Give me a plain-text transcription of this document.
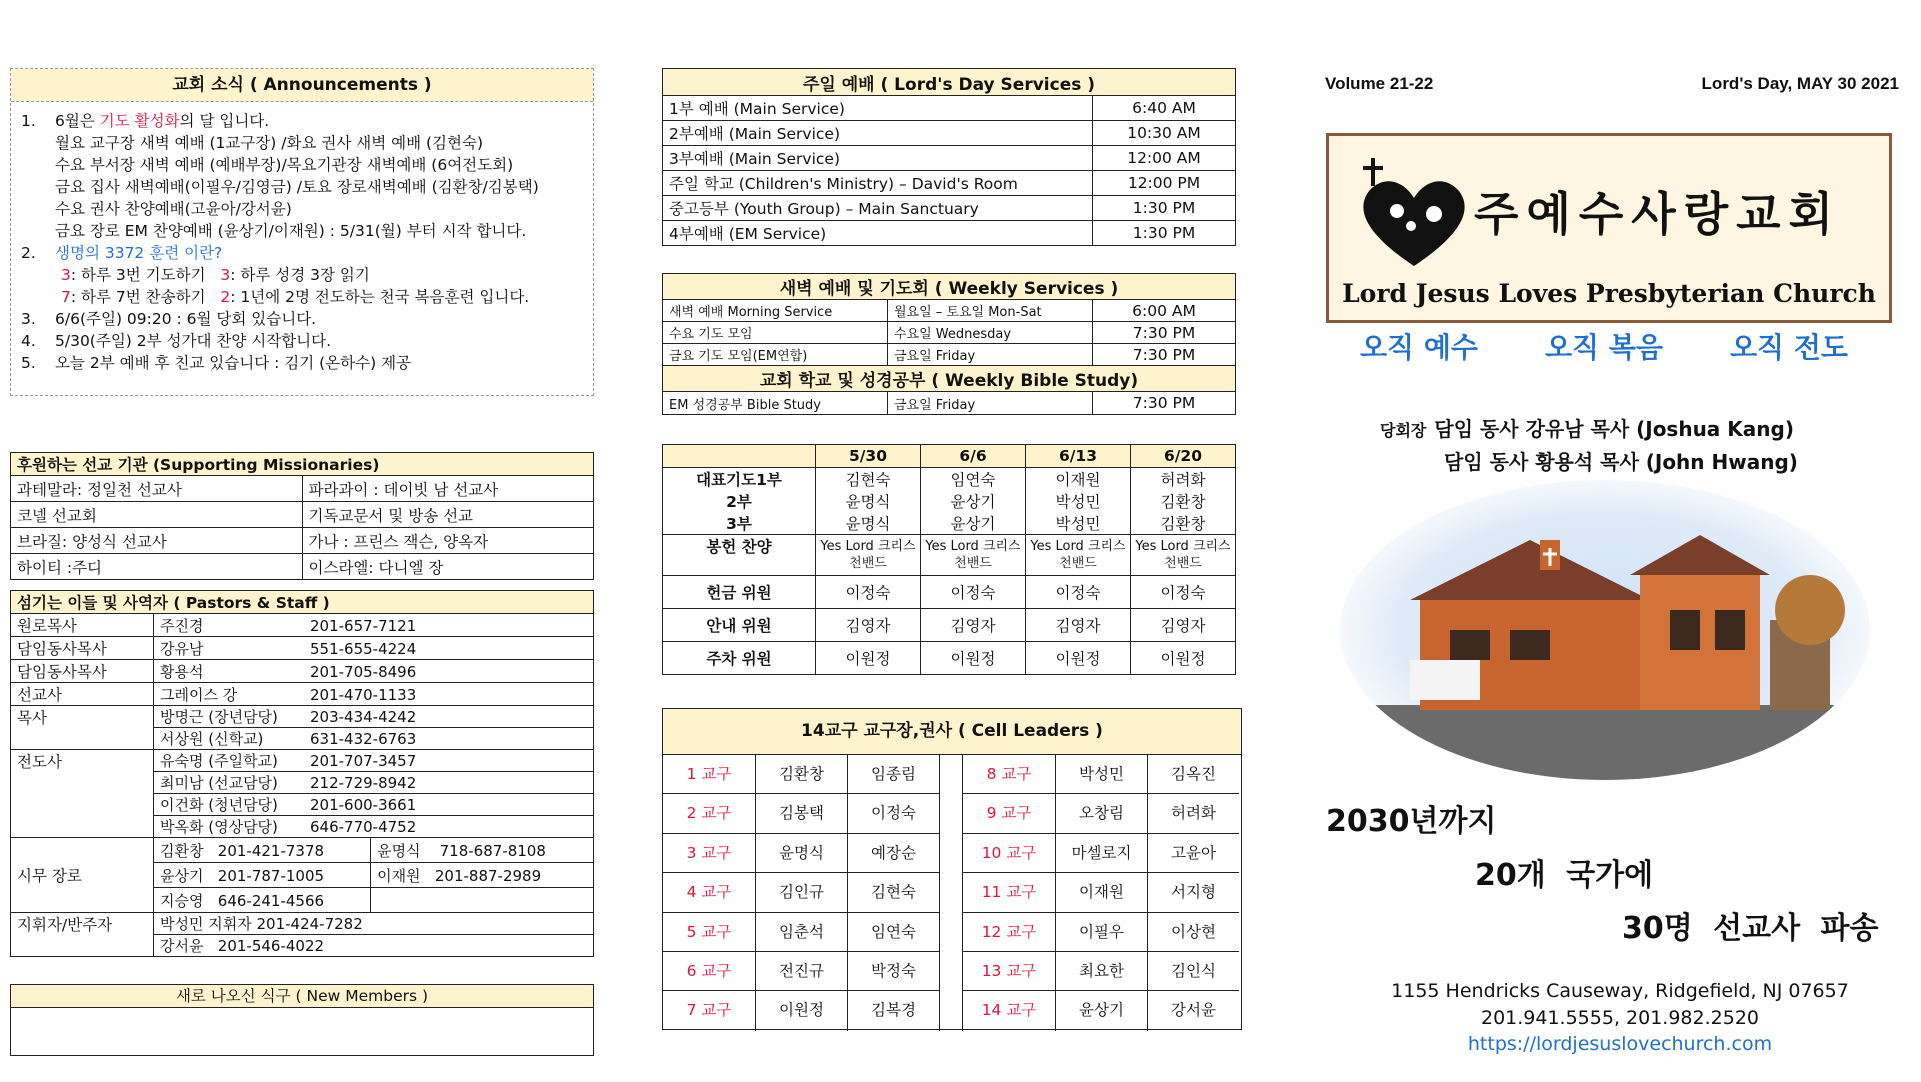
교회 소식 ( Announcements )

1. 6월은 기도 활성화의 달 입니다.

월요 교구장 새벽 예배 (1교구장) /화요 권사 새벽 예배 (김현숙)

수요 부서장 새벽 예배 (예배부장)/목요기관장 새벽예배 (6여전도회)

금요 집사 새벽예배(이필우/김영금) /토요 장로새벽예배 (김환창/김봉택)

수요 권사 찬양예배(고윤아/강서윤)

금요 장로 EM 찬양예배 (윤상기/이재원) : 5/31(월) 부터 시작 합니다.

2. 생명의 3372 훈련 이란?

3: 하루 3번 기도하기   3: 하루 성경 3장 읽기

7: 하루 7번 찬송하기   2: 1년에 2명 전도하는 천국 복음훈련 입니다.

3. 6/6(주일) 09:20 : 6월 당회 있습니다.

4. 5/30(주일) 2부 성가대 찬양 시작합니다.

5. 오늘 2부 예배 후 친교 있습니다 : 김기 (온하수) 제공

후원하는 선교 기관 (Supporting Missionaries)	
과테말라: 정일천 선교사	파라과이 : 데이빗 남 선교사
코넬 선교회	기독교문서 및 방송 선교
브라질: 양성식 선교사	가나 : 프린스 잭슨, 양옥자
하이티 :주디	이스라엘: 다니엘 장
섬기는 이들 및 사역자 ( Pastors & Staff )		
원로목사	주진경 201-657-7121	
담임동사목사	강유남 551-655-4224	
담임동사목사	황용석 201-705-8496	
선교사	그레이스 강 201-470-1133	
목사	방명근 (장년담당) 203-434-4242	
	서상원 (신학교) 631-432-6763	
전도사	유숙명 (주일학교) 201-707-3457	
	최미남 (선교담당) 212-729-8942	
	이건화 (청년담당) 201-600-3661	
	박옥화 (영상담당) 646-770-4752	
시무 장로	김환창   201-421-7378	윤명식    718-687-8108
	윤상기   201-787-1005	이재원   201-887-2989
	지승영   646-241-4566	
지휘자/반주자	박성민 지휘자 201-424-7282	
	강서윤   201-546-4022	
새로 나오신 식구 ( New Members )
주일 예배 ( Lord's Day Services )	
1부 예배 (Main Service)	6:40 AM
2부예배 (Main Service)	10:30 AM
3부예배 (Main Service)	12:00 AM
주일 학교 (Children's Ministry) – David's Room	12:00 PM
중고등부 (Youth Group) – Main Sanctuary	1:30 PM
4부예배 (EM Service)	1:30 PM
새벽 예배 및 기도회 ( Weekly Services )		
새벽 예배 Morning Service	월요일 – 토요일 Mon-Sat	6:00 AM
수요 기도 모임	수요일 Wednesday	7:30 PM
금요 기도 모임(EM연합)	금요일 Friday	7:30 PM
교회 학교 및 성경공부 ( Weekly Bible Study)		
EM 성경공부 Bible Study	금요일 Friday	7:30 PM
	5/30	6/6	6/13	6/20
대표기도1부	김현숙	임연숙	이재원	허려화
2부	윤명식	윤상기	박성민	김환창
3부	윤명식	윤상기	박성민	김환창
봉헌 찬양	Yes Lord 크리스천밴드	Yes Lord 크리스천밴드	Yes Lord 크리스천밴드	Yes Lord 크리스천밴드
헌금 위원	이정숙	이정숙	이정숙	이정숙
안내 위원	김영자	김영자	김영자	김영자
주차 위원	이원정	이원정	이원정	이원정
14교구 교구장,권사 ( Cell Leaders )
1 교구	김환창	임종림
2 교구	김봉택	이정숙
3 교구	윤명식	예장순
4 교구	김인규	김현숙
5 교구	임춘석	임연숙
6 교구	전진규	박정숙
7 교구	이원정	김복경
8 교구	박성민	김옥진
9 교구	오창림	허려화
10 교구	마셀로지	고윤아
11 교구	이재원	서지형
12 교구	이필우	이상현
13 교구	최요한	김인식
14 교구	윤상기	강서윤
Volume 21-22	Lord's Day, MAY 30 2021
주예수사랑교회
Lord Jesus Loves Presbyterian Church
오직 예수 오직 복음 오직 전도
당회장 담임 동사 강유남 목사 (Joshua Kang)
담임 동사 황용석 목사 (John Hwang)
2030년까지
20개 국가에
30명 선교사 파송
1155 Hendricks Causeway, Ridgefield, NJ 07657
201.941.5555, 201.982.2520
https://lordjesuslovechurch.com
